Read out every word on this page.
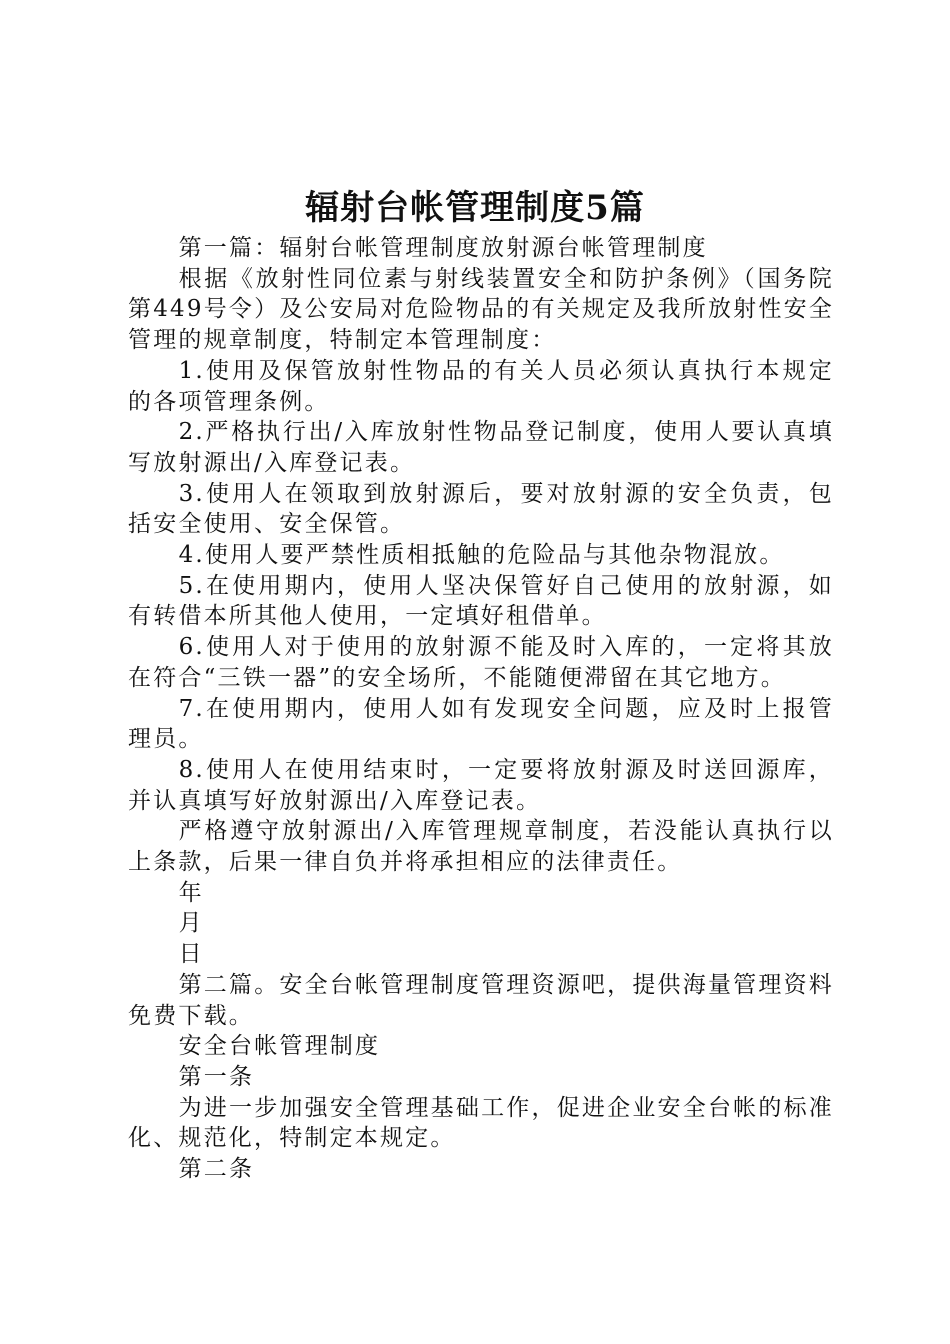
辐射台帐管理制度5篇

第一篇：辐射台帐管理制度放射源台帐管理制度

根据《放射性同位素与射线装置安全和防护条例》（国务院第449号令）及公安局对危险物品的有关规定及我所放射性安全管理的规章制度，特制定本管理制度：

1.使用及保管放射性物品的有关人员必须认真执行本规定的各项管理条例。

2.严格执行出/入库放射性物品登记制度，使用人要认真填写放射源出/入库登记表。

3.使用人在领取到放射源后，要对放射源的安全负责，包括安全使用、安全保管。

4.使用人要严禁性质相抵触的危险品与其他杂物混放。

5.在使用期内，使用人坚决保管好自己使用的放射源，如有转借本所其他人使用，一定填好租借单。

6.使用人对于使用的放射源不能及时入库的，一定将其放在符合“三铁一器”的安全场所，不能随便滞留在其它地方。

7.在使用期内，使用人如有发现安全问题，应及时上报管理员。

8.使用人在使用结束时，一定要将放射源及时送回源库，并认真填写好放射源出/入库登记表。

严格遵守放射源出/入库管理规章制度，若没能认真执行以上条款，后果一律自负并将承担相应的法律责任。

年

月

日

第二篇。安全台帐管理制度管理资源吧，提供海量管理资料免费下载。

安全台帐管理制度

第一条

为进一步加强安全管理基础工作，促进企业安全台帐的标准化、规范化，特制定本规定。

第二条
